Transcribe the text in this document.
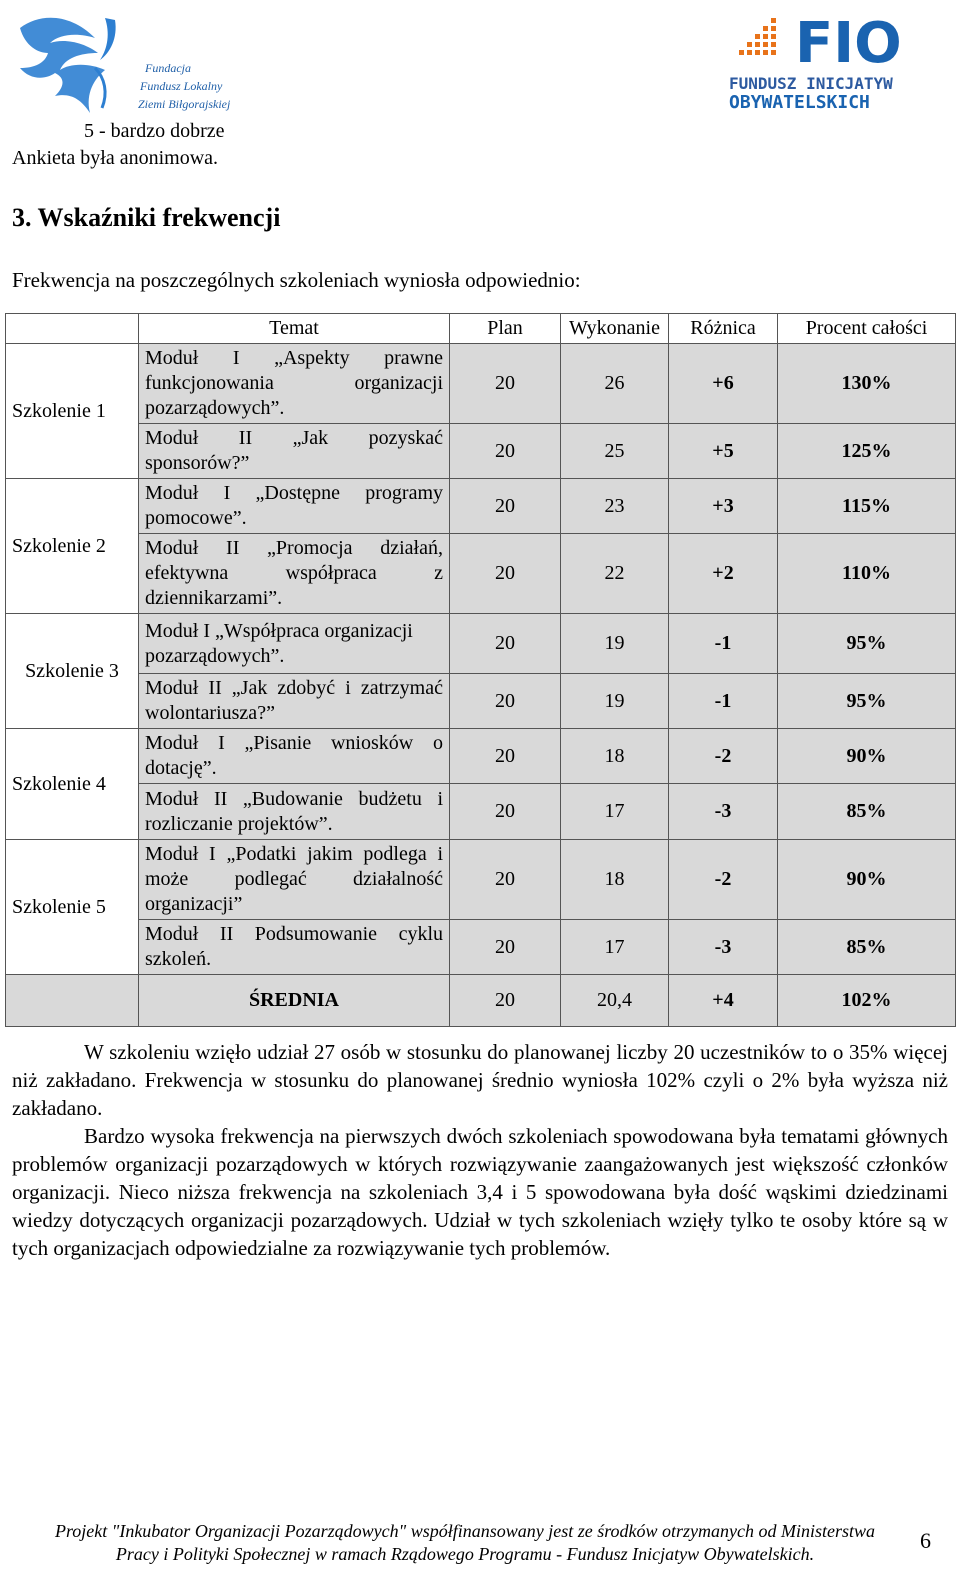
Fundacja
Fundusz Lokalny
Ziemi Biłgorajskiej
FIO
FUNDUSZ INICJATYW
OBYWATELSKICH
5 - bardzo dobrze
Ankieta była anonimowa.
3. Wskaźniki frekwencji
Frekwencja na poszczególnych szkoleniach wyniosła odpowiednio:
	Temat	Plan	Wykonanie	Różnica	Procent całości
Szkolenie 1	Moduł I „Aspekty prawne funkcjonowania organizacji pozarządowych”.	20	26	+6	130%
	Moduł II „Jak pozyskać sponsorów?”	20	25	+5	125%
Szkolenie 2	Moduł I „Dostępne programy pomocowe”.	20	23	+3	115%
	Moduł II „Promocja działań, efektywna współpraca z dziennikarzami”.	20	22	+2	110%
Szkolenie 3	Moduł I „Współpraca organizacji pozarządowych”.	20	19	-1	95%
	Moduł II „Jak zdobyć i zatrzymać wolontariusza?”	20	19	-1	95%
Szkolenie 4	Moduł I „Pisanie wniosków o dotację”.	20	18	-2	90%
	Moduł II „Budowanie budżetu i rozliczanie projektów”.	20	17	-3	85%
Szkolenie 5	Moduł I „Podatki jakim podlega i może podlegać działalność organizacji”	20	18	-2	90%
	Moduł II Podsumowanie cyklu szkoleń.	20	17	-3	85%
	ŚREDNIA	20	20,4	+4	102%
W szkoleniu wzięło udział 27 osób w stosunku do planowanej liczby 20 uczestników to o 35% więcej niż zakładano. Frekwencja w stosunku do planowanej średnio wyniosła 102% czyli o 2% była wyższa niż zakładano.
Bardzo wysoka frekwencja na pierwszych dwóch szkoleniach spowodowana była tematami głównych problemów organizacji pozarządowych w których rozwiązywanie zaangażowanych jest większość członków organizacji. Nieco niższa frekwencja na szkoleniach 3,4 i 5 spowodowana była dość wąskimi dziedzinami wiedzy dotyczących organizacji pozarządowych. Udział w tych szkoleniach wzięły tylko te osoby które są w tych organizacjach odpowiedzialne za rozwiązywanie tych problemów.
Projekt "Inkubator Organizacji Pozarządowych" współfinansowany jest ze środków otrzymanych od Ministerstwa Pracy i Polityki Społecznej w ramach Rządowego Programu - Fundusz Inicjatyw Obywatelskich.
6
